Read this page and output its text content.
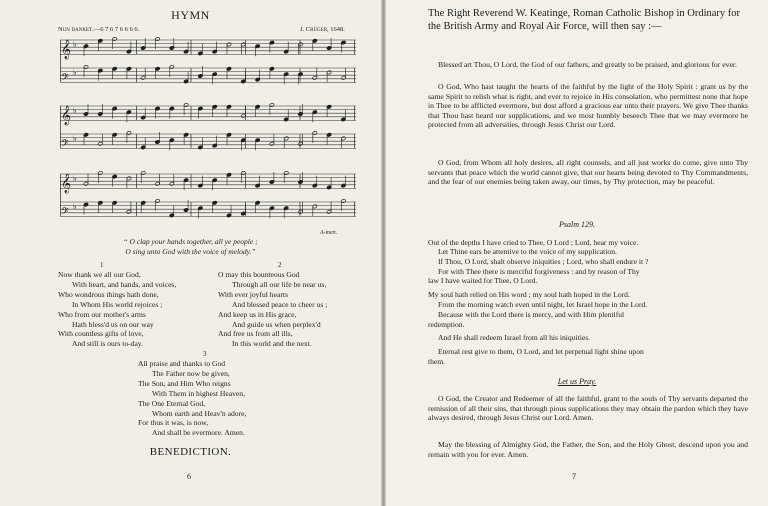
HYMN
Nun danket.—6 7 6 7 6 6 6 6.	J. Crüger, 1648.
𝄞 ♭
𝄢 ♭
𝄞 ♭
𝄢 ♭
𝄞 ♭
𝄢 ♭
A-men.
“ O clap your hands together, all ye people ;
O sing unto God with the voice of melody.”
1	2
Now thank we all our God,
With heart, and hands, and voices,
Who wondrous things hath done,
In Whom His world rejoices ;
Who from our mother's arms
Hath bless'd us on our way
With countless gifts of love,
And still is ours to-day.
O may this bounteous God
Through all our life be near us,
With ever joyful hearts
And blessed peace to cheer us ;
And keep us in His grace,
And guide us when perplex'd
And free us from all ills,
In this world and the next.
3
All praise and thanks to God
The Father now be given,
The Son, and Him Who reigns
With Them in highest Heaven,
The One Eternal God,
Whom earth and Heav'n adore,
For thus it was, is now,
And shall be evermore. Amen.
BENEDICTION.
6
The Right Reverend W. Keatinge, Roman Catholic Bishop in Ordinary for the British Army and Royal Air Force, will then say :—
Blessed art Thou, O Lord, the God of our fathers, and greatly to be praised, and glorious for ever.
O God, Who hast taught the hearts of the faithful by the light of the Holy Spirit : grant us by the same Spirit to relish what is right, and ever to rejoice in His consolation, who permittest none that hope in Thee to be afflicted evermore, but dost afford a gracious ear unto their prayers. We give Thee thanks that Thou hast heard our supplications, and we most humbly beseech Thee that we may evermore be protected from all adversities, through Jesus Christ our Lord.
O God, from Whom all holy desires, all right counsels, and all just works do come, give unto Thy servants that peace which the world cannot give, that our hearts being devoted to Thy Commandments, and the fear of our enemies being taken away, our times, by Thy protection, may be peaceful.
Psalm 129.
Out of the depths I have cried to Thee, O Lord ; Lord, hear my voice.
Let Thine ears be attentive to the voice of my supplication.
If Thou, O Lord, shalt observe iniquities ; Lord, who shall endure it ?
For with Thee there is merciful forgiveness : and by reason of Thy
law I have waited for Thee, O Lord.
My soul hath relied on His word ; my soul hath hoped in the Lord.
From the morning watch even until night, let Israel hope in the Lord.
Because with the Lord there is mercy, and with Him plentiful
redemption.
And He shall redeem Israel from all his iniquities.
Eternal rest give to them, O Lord, and let perpetual light shine upon
them.
Let us Pray.
O God, the Creator and Redeemer of all the faithful, grant to the souls of Thy servants departed the remission of all their sins, that through pious supplications they may obtain the pardon which they have always desired, through Jesus Christ our Lord. Amen.
May the blessing of Almighty God, the Father, the Son, and the Holy Ghost, descend upon you and remain with you for ever. Amen.
7
